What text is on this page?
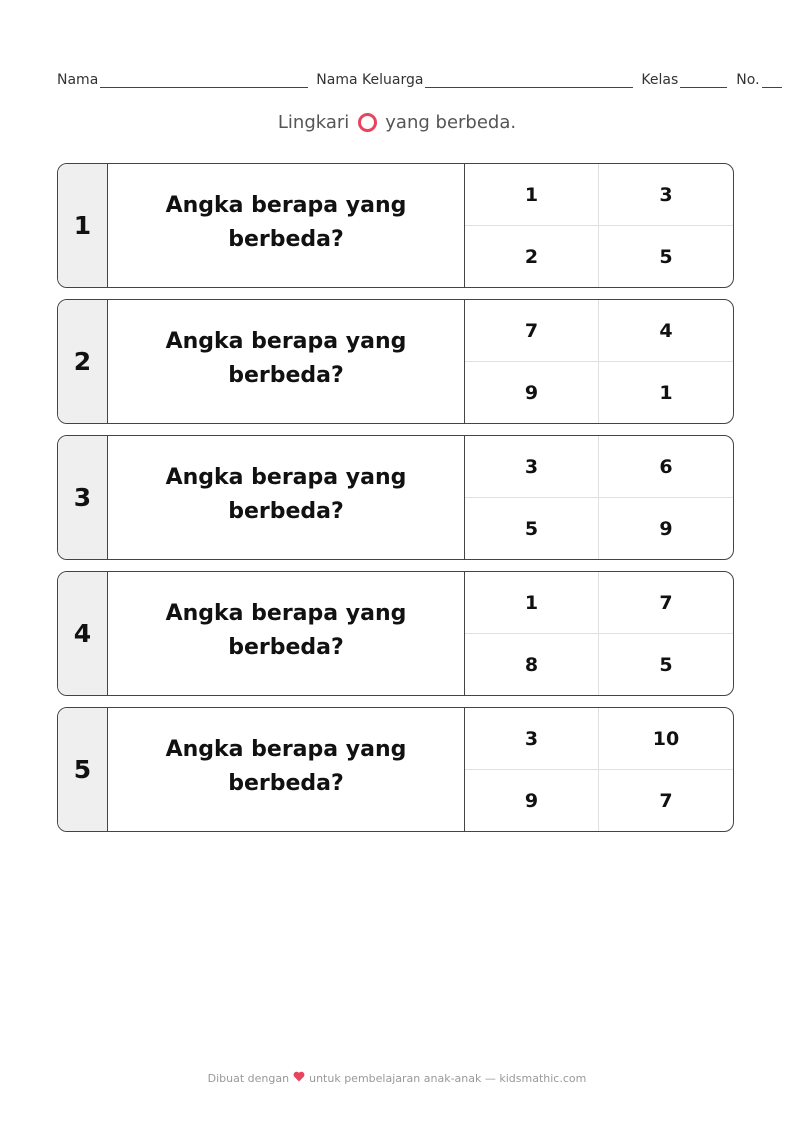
Nama	Nama Keluarga	Kelas	No.
Lingkari yang berbeda.
1
Angka berapa yang berbeda?
1	3
2	5
2
Angka berapa yang berbeda?
7	4
9	1
3
Angka berapa yang berbeda?
3	6
5	9
4
Angka berapa yang berbeda?
1	7
8	5
5
Angka berapa yang berbeda?
3	10
9	7
Dibuat dengan untuk pembelajaran anak-anak — kidsmathic.com
